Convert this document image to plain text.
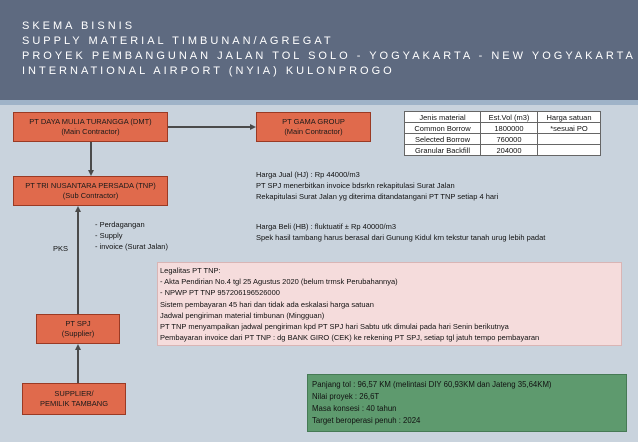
SKEMA BISNIS
SUPPLY MATERIAL TIMBUNAN/AGREGAT
PROYEK PEMBANGUNAN JALAN TOL SOLO - YOGYAKARTA - NEW YOGYAKARTA
INTERNATIONAL AIRPORT (NYIA) KULONPROGO
PT DAYA MULIA TURANGGA (DMT)
(Main Contractor)
PT GAMA GROUP
(Main Contractor)
PT TRI NUSANTARA PERSADA (TNP)
(Sub Contractor)
PT SPJ
(Supplier)
SUPPLIER/
PEMILIK TAMBANG
- Perdagangan
- Supply
- invoice (Surat Jalan)
PKS
Jenis material	Est.Vol (m3)	Harga satuan
Common Borrow	1800000	*sesuai PO
Selected Borrow	760000	
Granular Backfill	204000	
Harga Jual (HJ) : Rp 44000/m3
PT SPJ menerbitkan invoice bdsrkn rekapitulasi Surat Jalan
Rekapitulasi Surat Jalan yg diterima ditandatangani PT TNP setiap 4 hari
Harga Beli (HB) : fluktuatif ± Rp 40000/m3
Spek hasil tambang harus berasal dari Gunung Kidul krn tekstur tanah urug lebih padat
Legalitas PT TNP:
- Akta Pendirian No.4 tgl 25 Agustus 2020 (belum trmsk Perubahannya)
- NPWP PT TNP 957206196526000
Sistem pembayaran 45 hari dan tidak ada eskalasi harga satuan
Jadwal pengiriman material timbunan (Mingguan)
PT TNP menyampaikan jadwal pengiriman kpd PT SPJ hari Sabtu utk dimulai pada hari Senin berikutnya
Pembayaran invoice dari PT TNP : dg BANK GIRO (CEK) ke rekening PT SPJ, setiap tgl jatuh tempo pembayaran
Panjang tol : 96,57 KM (melintasi DIY 60,93KM dan Jateng 35,64KM)
Nilai proyek : 26,6T
Masa konsesi : 40 tahun
Target beroperasi penuh : 2024
